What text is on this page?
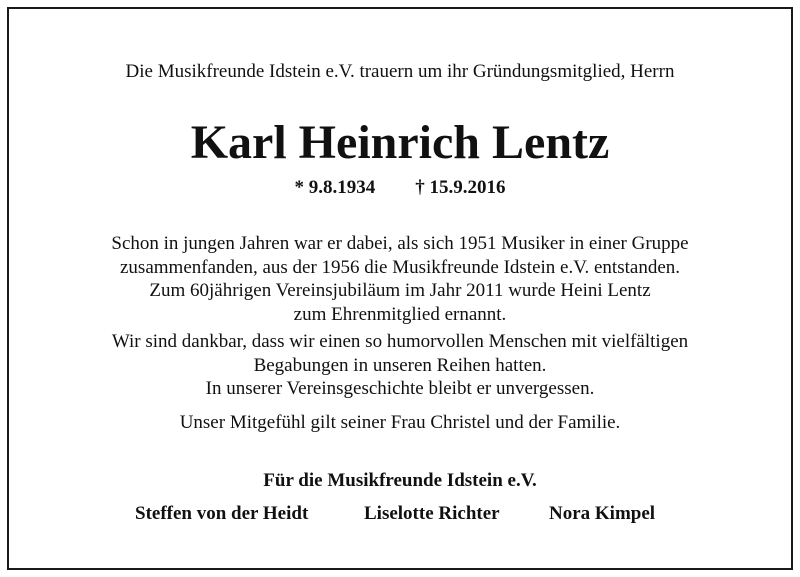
Die Musikfreunde Idstein e.V. trauern um ihr Gründungsmitglied, Herrn
Karl Heinrich Lentz
* 9.8.1934 † 15.9.2016
Schon in jungen Jahren war er dabei, als sich 1951 Musiker in einer Gruppe
zusammenfanden, aus der 1956 die Musikfreunde Idstein e.V. entstanden.
Zum 60jährigen Vereinsjubiläum im Jahr 2011 wurde Heini Lentz
zum Ehrenmitglied ernannt.
Wir sind dankbar, dass wir einen so humorvollen Menschen mit vielfältigen
Begabungen in unseren Reihen hatten.
In unserer Vereinsgeschichte bleibt er unvergessen.
Unser Mitgefühl gilt seiner Frau Christel und der Familie.
Für die Musikfreunde Idstein e.V.
Steffen von der Heidt	Liselotte Richter	Nora Kimpel
